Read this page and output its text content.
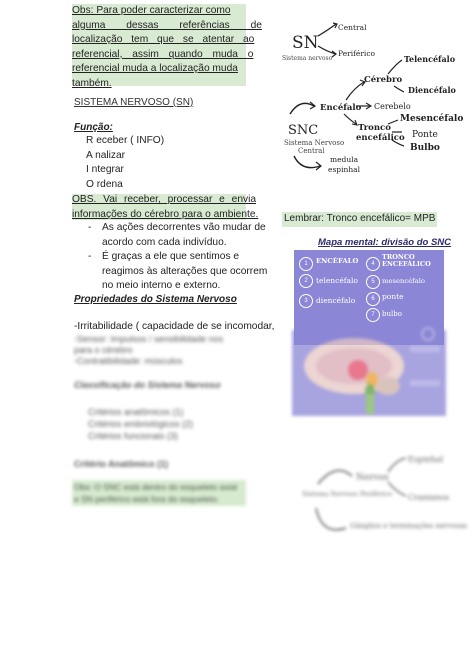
Obs: Para poder caracterizar como
alguma dessas referências de
localização tem que se atentar ao
referencial, assim quando muda o
referencial muda a localização muda
também.
SISTEMA NERVOSO (SN)
Função:
R eceber ( INFO)
A nalizar
I ntegrar
O rdena
OBS. Vai receber, processar e envia
informações do cérebro para o ambiente.
- As ações decorrentes vão mudar de
acordo com cada indivíduo.
- É graças a ele que sentimos e
reagimos às alterações que ocorrem
no meio interno e externo.
Propriedades do Sistema Nervoso
-Irritabilidade ( capacidade de se incomodar,
-Sensor: Impulsos / sensibilidade nos
para o cérebro
-Contratibilidade: músculos
Classificação do Sistema Nervoso
Critérios anatômicos (1)
Critérios embriológicos (2)
Critérios funcionais (3)
Critério Anatômico (1)
Obs: O SNC está dentro do esqueleto axial
e SN periférico está fora do esqueleto.
SN
Sistema nervoso
Central
Periférico
SNC
Sistema Nervoso
Central
Encéfalo
Cérebro
Telencéfalo
Diencéfalo
Cerebelo
Tronco
encefálico
Mesencéfalo
Ponte
Bulbo
medula
espinhal
Lembrar: Tronco encefálico= MPB
Mapa mental: divisão do SNC
1	ENCÉFALO
2	telencéfalo
3	diencéfalo
4
TRONCO ENCEFÁLICO
5	mesencéfalo
6 ponte
7	bulbo
Sistema Nervoso Periférico
Nervos
Espinhal
Cranianos
Gânglios e terminações nervosas
